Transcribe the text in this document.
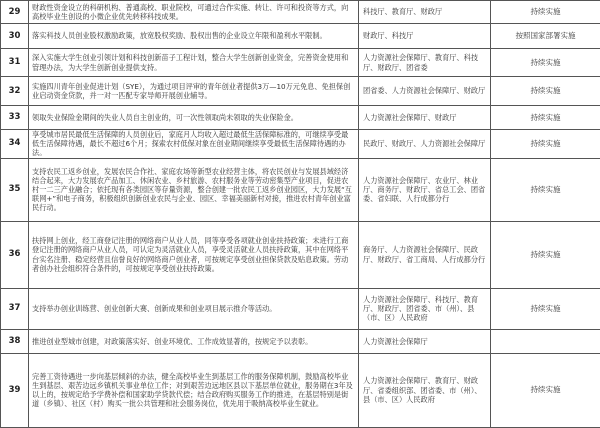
29	财政性资金设立的科研机构、普通高校、职业院校，可通过合作实施、转让、许可和投资等方式，向高校毕业生创设的小微企业优先转移科技成果。	科技厅、教育厅、财政厅	持续实施
30	落实科技人员创业股权激励政策，放宽股权奖励、股权出售的企业设立年限和盈利水平限制。	财政厅、科技厅	按照国家部署实施
31	深入实施大学生创业引领计划和科技创新苗子工程计划，整合大学生创新创业资金，完善资金使用和管理办法，为大学生创新创业提供支持。	人力资源社会保障厅、教育厅、科技厅、财政厅、团省委	持续实施
32	实施四川青年创业促进计划（SYE），为通过项目评审的青年创业者提供3万—10万元免息、免担保创业启动资金贷款，并一对一匹配专家导师开展创业辅导。	团省委、人力资源社会保障厅、财政厅	持续实施
33	领取失业保险金期间的失业人员自主创业的，可一次性领取尚未领取的失业保险金。	人力资源社会保障厅、财政厅	持续实施
34	享受城市居民最低生活保障的人员创业后，家庭月人均收入超过最低生活保障标准的，可继续享受最低生活保障待遇，最长不超过6个月；探索农村低保对象在创业期间继续享受最低生活保障待遇的办法。	民政厅、财政厅、人力资源社会保障厅	持续实施
35	支持农民工返乡创业，发展农民合作社、家庭农场等新型农业经营主体，将农民创业与发展县域经济结合起来，大力发展农产品加工、休闲农业、乡村旅游、农村服务业等劳动密集型产业项目，促进农村一二三产业融合；依托现有各类园区等存量资源，整合创建一批农民工返乡创业园区，大力发展“互联网+”和电子商务，积极组织创新创业农民与企业、园区、幸福美丽新村对接，推进农村青年创业富民行动。	人力资源社会保障厅、农业厅、林业厅、商务厅、财政厅、省总工会、团省委、省妇联、人行成都分行	持续实施
36	扶持网上创业，经工商登记注册的网络商户从业人员，同等享受各项就业创业扶持政策；未进行工商登记注册的网络商户从业人员，可认定为灵活就业人员，享受灵活就业人员扶持政策，其中在网络平台实名注册、稳定经营且信誉良好的网络商户创业者，可按规定享受创业担保贷款及贴息政策。劳动者创办社会组织符合条件的，可按规定享受创业扶持政策。	商务厅、人力资源社会保障厅、民政厅、财政厅、省工商局、人行成都分行	持续实施
37	支持举办创业训练营、创业创新大赛、创新成果和创业项目展示推介等活动。	人力资源社会保障厅、科技厅、教育厅、财政厅、团省委、市（州）、县（市、区）人民政府	持续实施
38	推进创业型城市创建，对政策落实好、创业环境优、工作成效显著的，按规定予以表彰。	人力资源社会保障厅	
39	完善工资待遇进一步向基层倾斜的办法，健全高校毕业生到基层工作的服务保障机制，鼓励高校毕业生到基层、艰苦边远乡镇机关事业单位工作；对到艰苦边远地区县以下基层单位就业，服务期在3年及以上的，按规定给予学费补偿和国家助学贷款代偿；结合政府购买服务工作的推进，在基层特别是街道（乡镇）、社区（村）购买一批公共管理和社会服务岗位，优先用于吸纳高校毕业生就业。	人力资源社会保障厅、教育厅、财政厅、省委组织部、团省委、市（州）、县（市、区）人民政府	持续实施
